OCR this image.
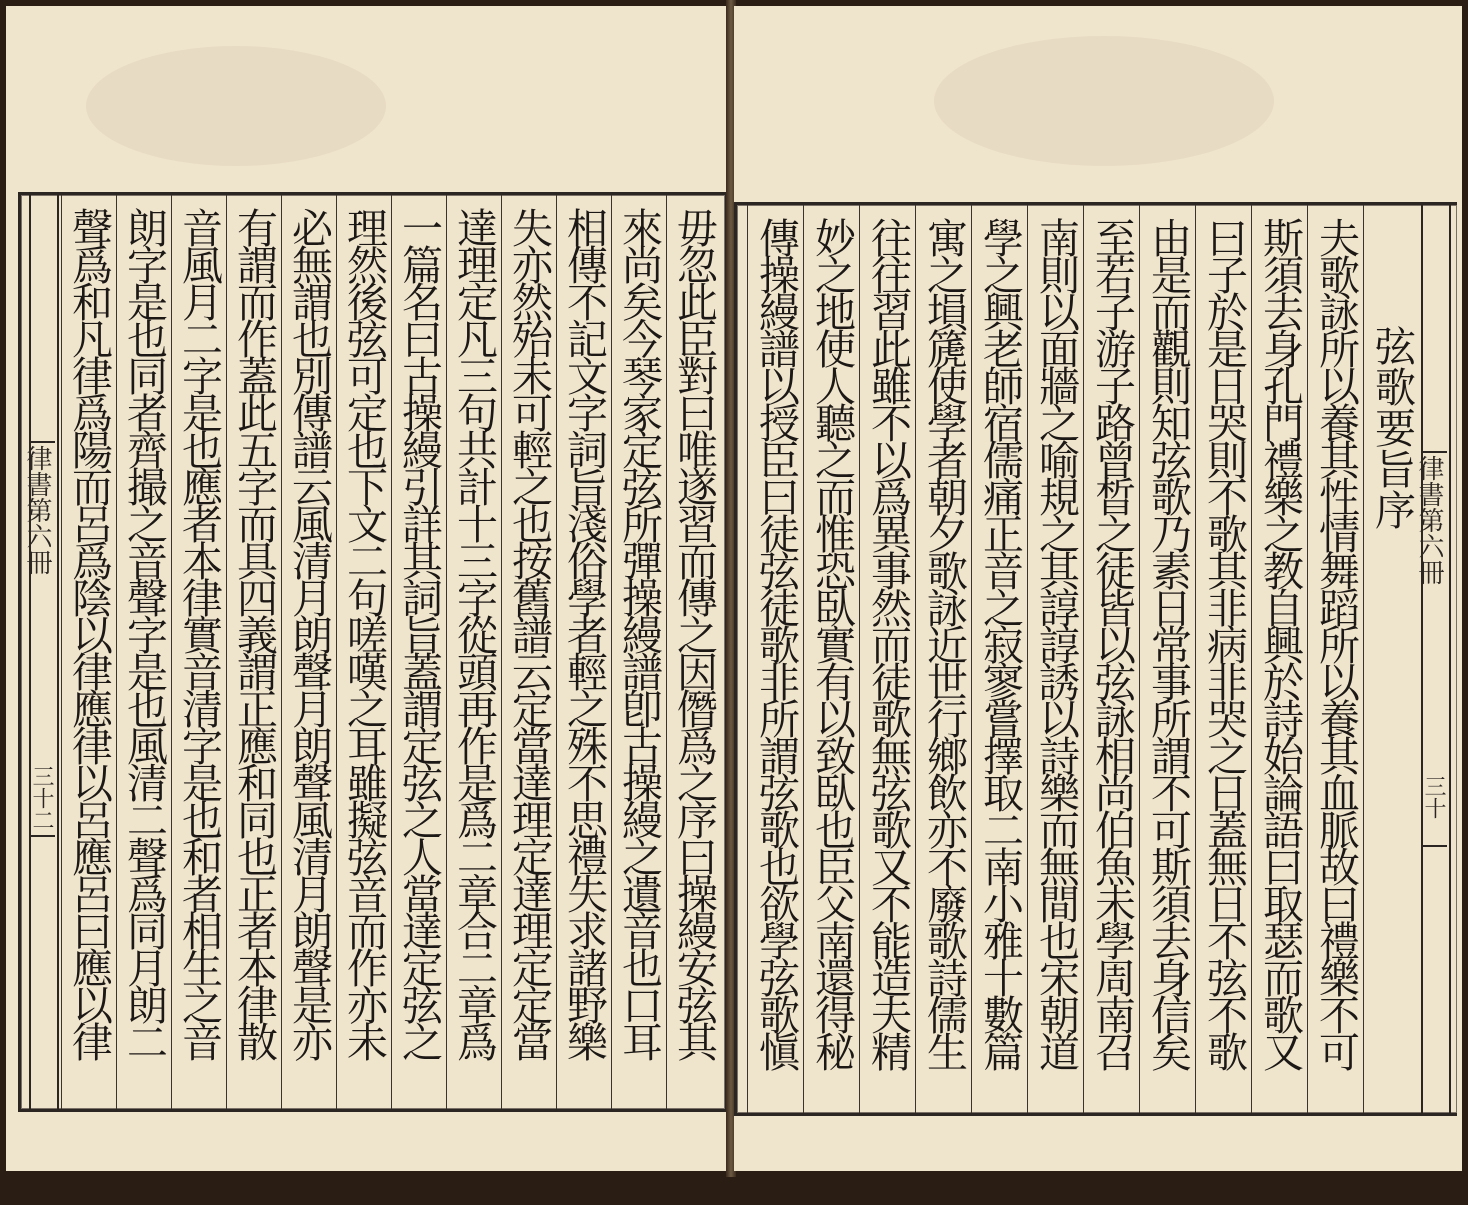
律書第六冊
三十二	毋忽此臣對曰唯遂習而傳之因僭爲之序曰操縵安弦其
來尚矣今琴家定弦所彈操縵譜卽古操縵之遺音也口耳
相傳不記文字詞旨淺俗學者輕之殊不思禮失求諸野樂
失亦然殆未可輕之也按舊譜云定當達理定達理定定當
達理定凡三句共計十三字從頭再作是爲二章合二章爲
一篇名曰古操縵引詳其詞旨蓋謂定弦之人當達定弦之
理然後弦可定也下文二句嗟嘆之耳雖擬弦音而作亦未
必無謂也別傳譜云風清月朗聲月朗聲風清月朗聲是亦
有謂而作蓋此五字而具四義謂正應和同也正者本律散
音風月二字是也應者本律實音清字是也和者相生之音
朗字是也同者齊撮之音聲字是也風清二聲爲同月朗二
聲爲和凡律爲陽而呂爲陰以律應律以呂應呂曰應以律	弦歌要旨序
夫歌詠所以養其性情舞蹈所以養其血脈故曰禮樂不可
斯須去身孔門禮樂之教自興於詩始論語曰取瑟而歌又
曰子於是日哭則不歌其非病非哭之日蓋無日不弦不歌
由是而觀則知弦歌乃素日常事所謂不可斯須去身信矣
至若子游子路曾晳之徒皆以弦詠相尚伯魚未學周南召
南則以面牆之喻規之其諄諄誘以詩樂而無間也宋朝道
學之興老師宿儒痛正音之寂寥嘗擇取二南小雅十數篇
寓之塤篪使學者朝夕歌詠近世行鄉飲亦不廢歌詩儒生
往往習此雖不以爲異事然而徒歌無弦歌又不能造夫精
妙之地使人聽之而惟恐臥實有以致臥也臣父南還得秘
傳操縵譜以授臣曰徒弦徒歌非所謂弦歌也欲學弦歌愼	律書第六冊
三十
